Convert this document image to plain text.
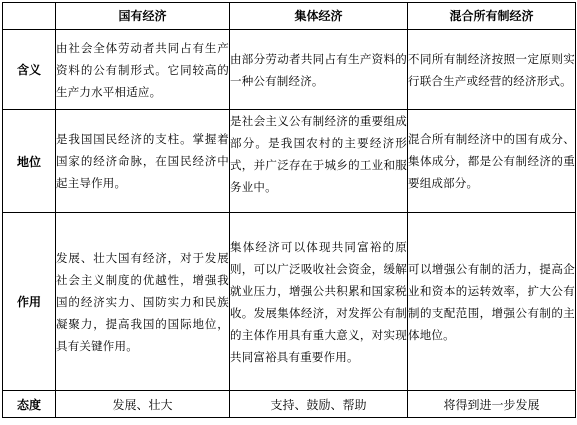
	国有经济	集体经济	混合所有制经济
含义	由社会全体劳动者共同占有生产资料的公有制形式。它同较高的生产力水平相适应。	由部分劳动者共同占有生产资料的一种公有制经济。	不同所有制经济按照一定原则实行联合生产或经营的经济形式。
地位	是我国国民经济的支柱。掌握着国家的经济命脉，在国民经济中起主导作用。	是社会主义公有制经济的重要组成部分。是我国农村的主要经济形式，并广泛存在于城乡的工业和服务业中。	混合所有制经济中的国有成分、集体成分，都是公有制经济的重要组成部分。
作用	发展、壮大国有经济，对于发展社会主义制度的优越性，增强我国的经济实力、国防实力和民族凝聚力，提高我国的国际地位，具有关键作用。	集体经济可以体现共同富裕的原则，可以广泛吸收社会资金，缓解就业压力，增强公共积累和国家税收。发展集体经济，对发挥公有制的主体作用具有重大意义，对实现共同富裕具有重要作用。	可以增强公有制的活力，提高企业和资本的运转效率，扩大公有制的支配范围，增强公有制的主体地位。
态度	发展、壮大	支持、鼓励、帮助	将得到进一步发展
